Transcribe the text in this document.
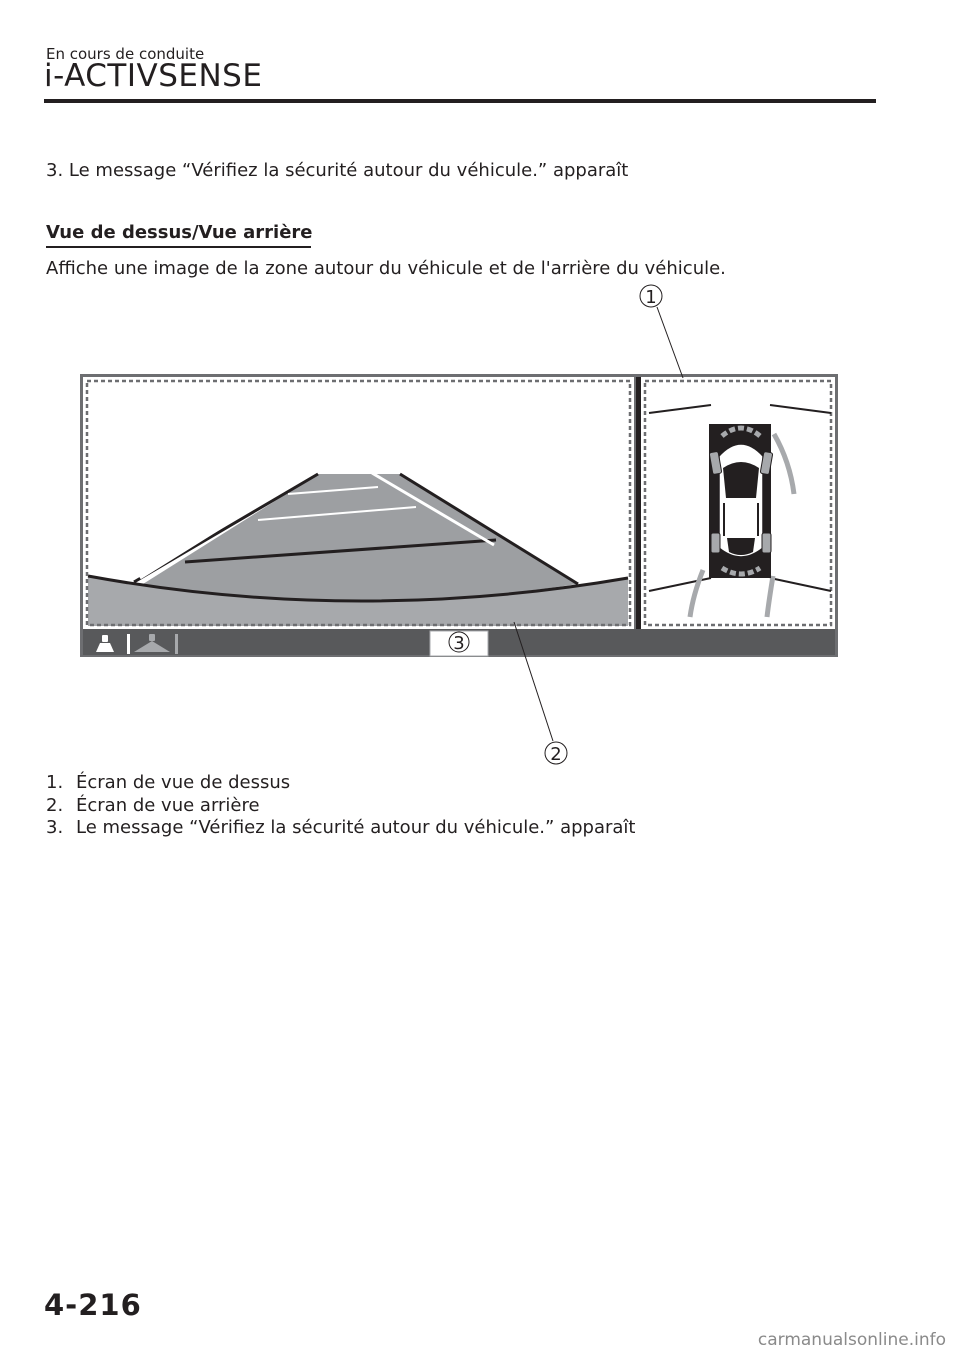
En cours de conduite
i-ACTIVSENSE
3. Le message “Vérifiez la sécurité autour du véhicule.” apparaît
Vue de dessus/Vue arrière
Affiche une image de la zone autour du véhicule et de l'arrière du véhicule.
1
2
3
1. Écran de vue de dessus
2. Écran de vue arrière
3. Le message “Vérifiez la sécurité autour du véhicule.” apparaît
4-216
carmanualsonline.info
